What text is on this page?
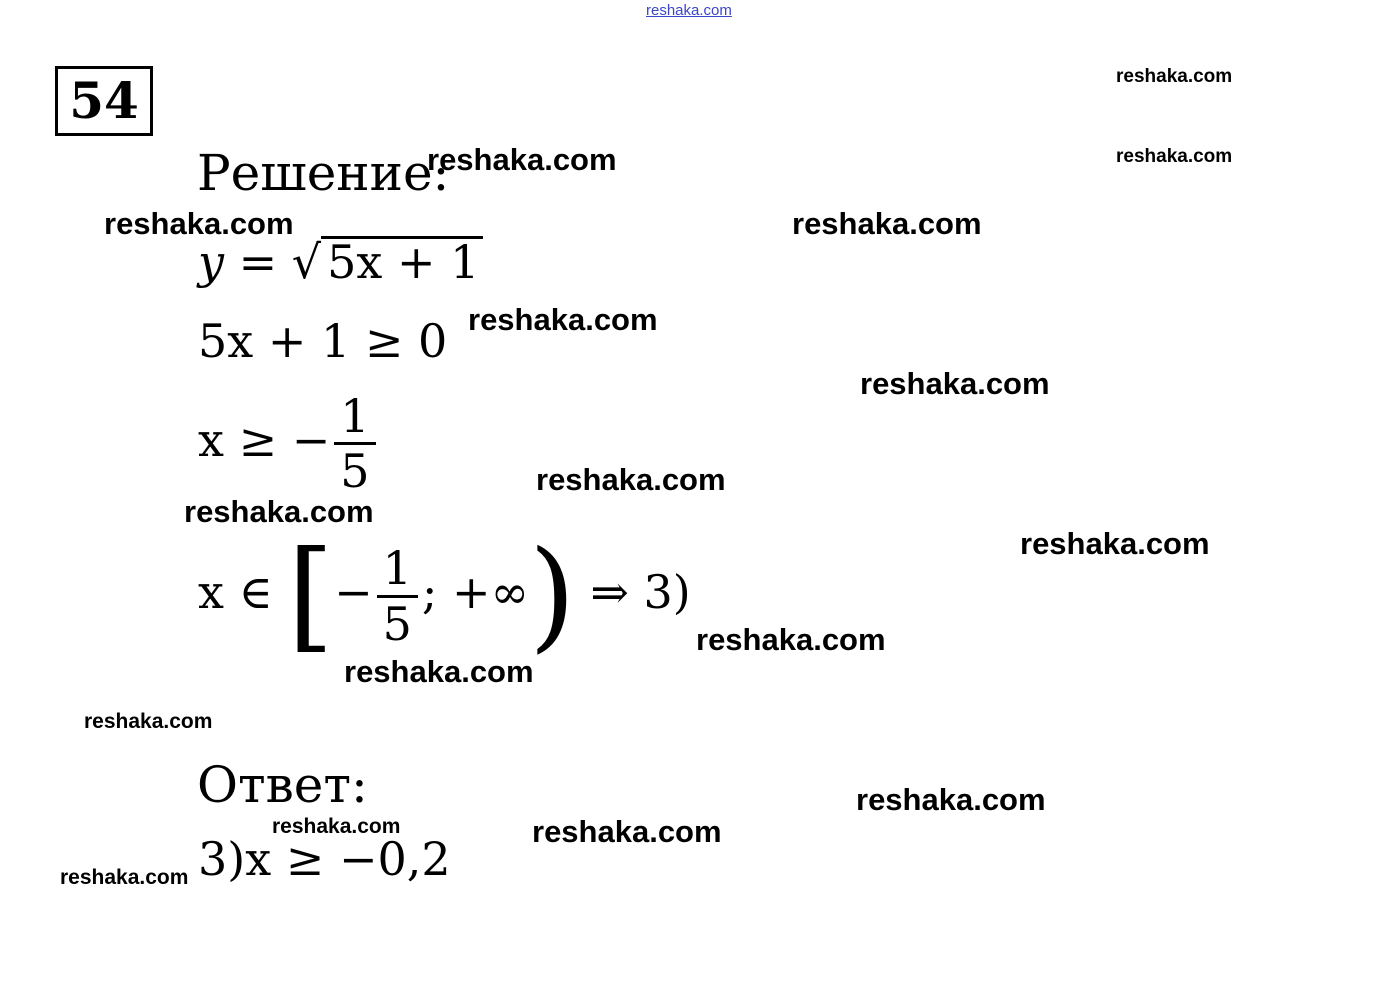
reshaka.com
54
Решение:
y = √ 5x + 1
5x + 1 ≥ 0
x ≥ − $\frac{1}{5}$
x ∈ [− $\frac{1}{5}$ ; +∞) ⇒ 3)
Ответ:
3)x ≥ −0,2
reshaka.com
reshaka.com
reshaka.com
reshaka.com	reshaka.com
reshaka.com
reshaka.com
reshaka.com
reshaka.com
reshaka.com
reshaka.com
reshaka.com
reshaka.com
reshaka.com
reshaka.com
reshaka.com
reshaka.com
